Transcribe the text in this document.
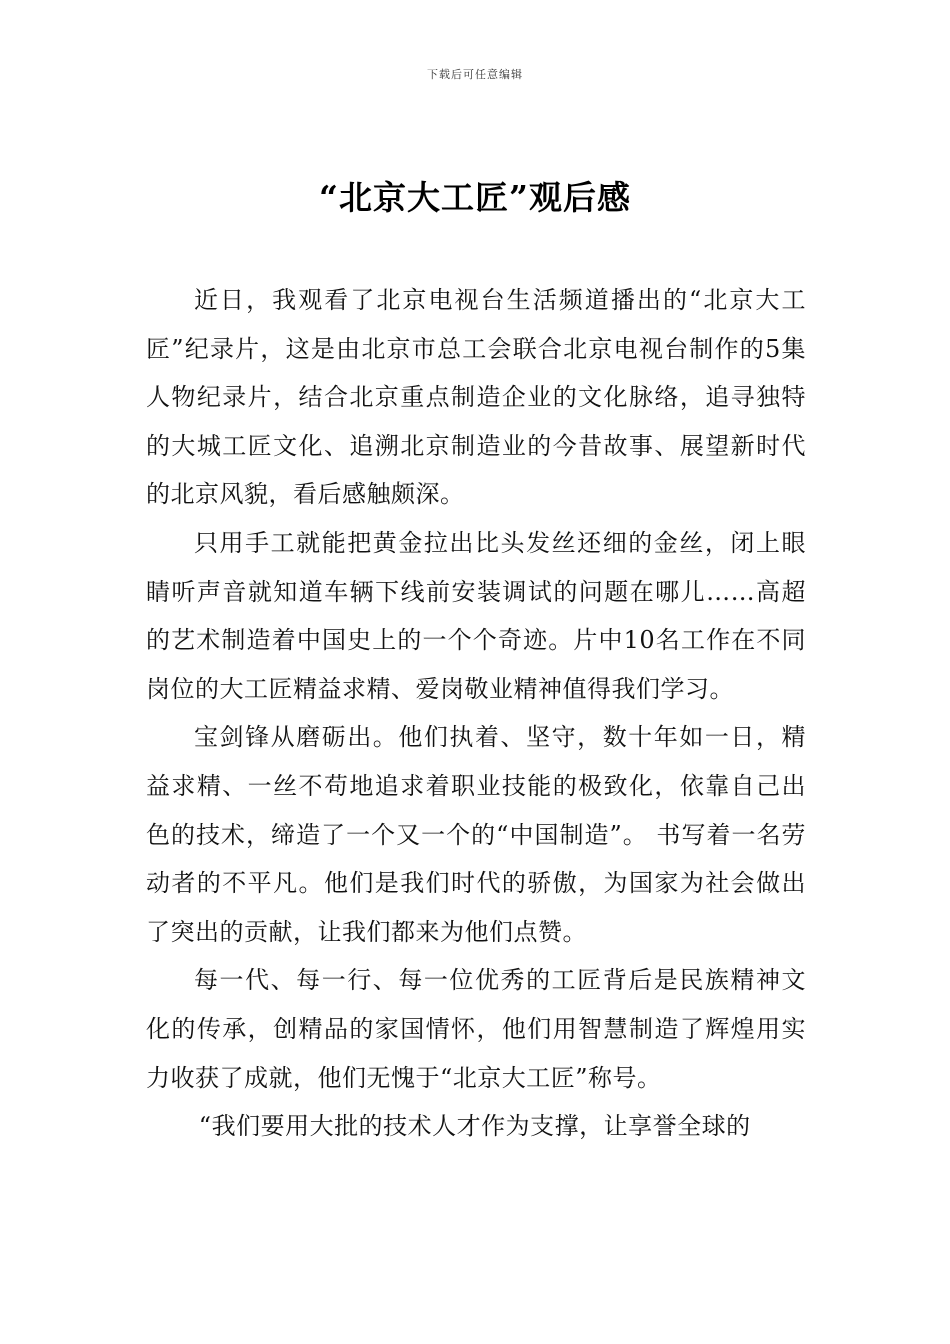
下载后可任意编辑
“北京大工匠”观后感

近日，我观看了北京电视台生活频道播出的“北京大工匠”纪录片，这是由北京市总工会联合北京电视台制作的5集人物纪录片，结合北京重点制造企业的文化脉络，追寻独特的大城工匠文化、追溯北京制造业的今昔故事、展望新时代的北京风貌，看后感触颇深。

只用手工就能把黄金拉出比头发丝还细的金丝，闭上眼睛听声音就知道车辆下线前安装调试的问题在哪儿……高超的艺术制造着中国史上的一个个奇迹。片中10名工作在不同岗位的大工匠精益求精、爱岗敬业精神值得我们学习。

宝剑锋从磨砺出。他们执着、坚守，数十年如一日，精益求精、一丝不苟地追求着职业技能的极致化，依靠自己出色的技术，缔造了一个又一个的“中国制造”。 书写着一名劳动者的不平凡。他们是我们时代的骄傲，为国家为社会做出了突出的贡献，让我们都来为他们点赞。

每一代、每一行、每一位优秀的工匠背后是民族精神文化的传承，创精品的家国情怀，他们用智慧制造了辉煌用实力收获了成就，他们无愧于“北京大工匠”称号。

“我们要用大批的技术人才作为支撑，让享誉全球的
